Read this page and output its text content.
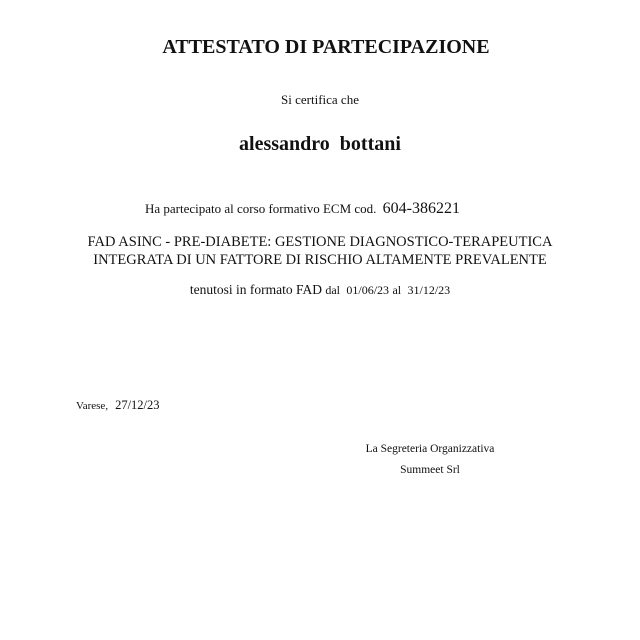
ATTESTATO DI PARTECIPAZIONE
Si certifica che
alessandro  bottani
Ha partecipato al corso formativo ECM cod. 604-386221
FAD ASINC - PRE-DIABETE: GESTIONE DIAGNOSTICO-TERAPEUTICA
INTEGRATA DI UN FATTORE DI RISCHIO ALTAMENTE PREVALENTE
tenutosi in formato FAD dal 01/06/23 al 31/12/23
Varese, 27/12/23
La Segreteria Organizzativa
Summeet Srl
